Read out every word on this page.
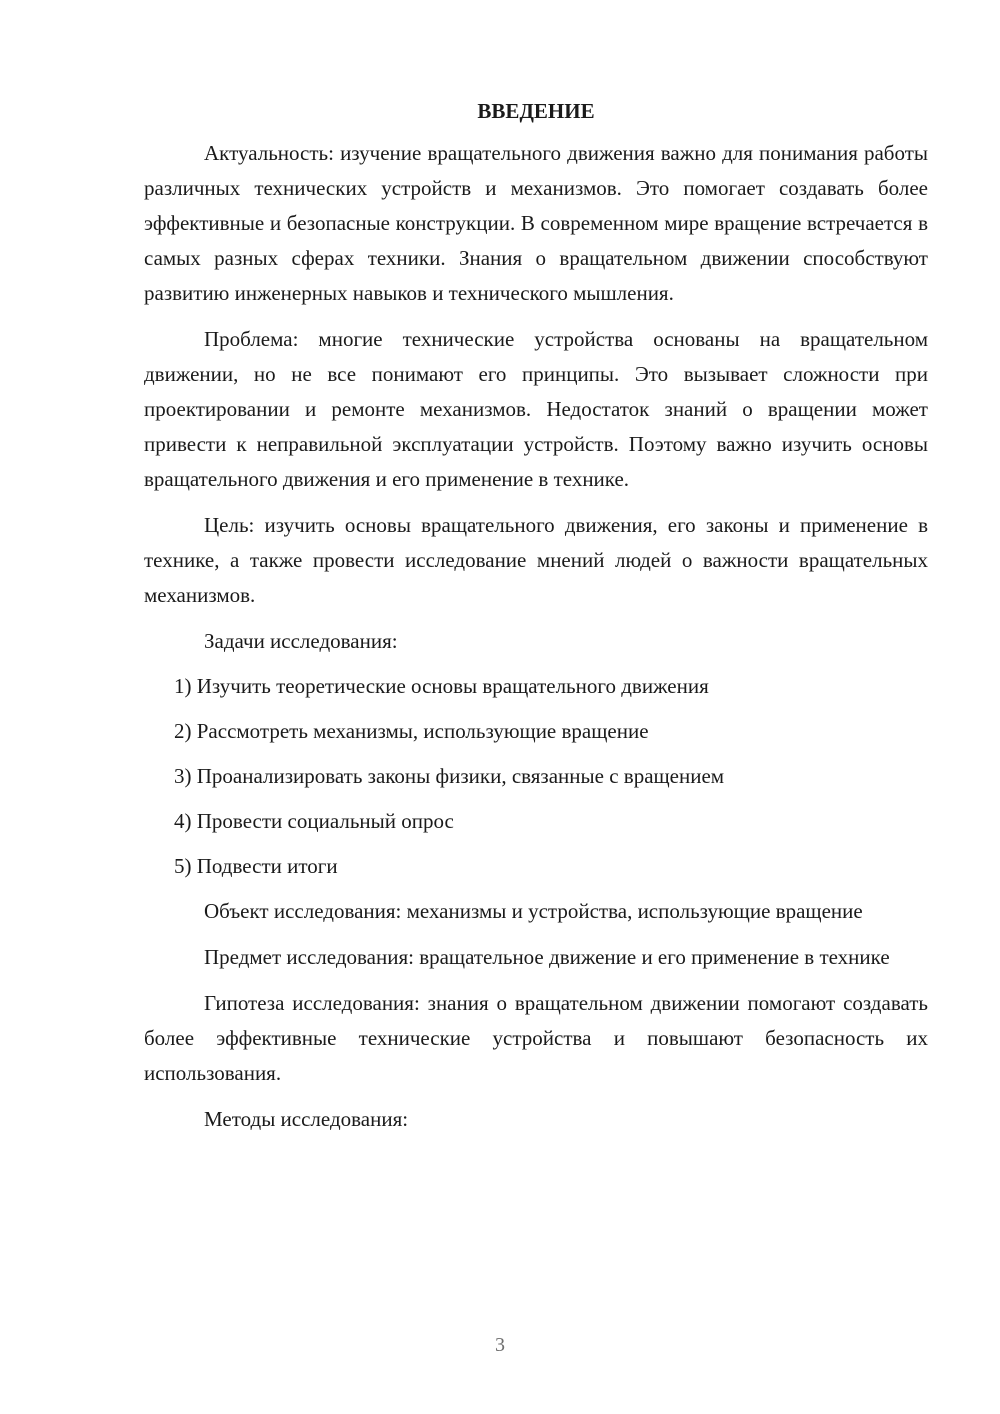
ВВЕДЕНИЕ

Актуальность: изучение вращательного движения важно для понимания работы различных технических устройств и механизмов. Это помогает создавать более эффективные и безопасные конструкции. В современном мире вращение встречается в самых разных сферах техники. Знания о вращательном движении способствуют развитию инженерных навыков и технического мышления.

Проблема: многие технические устройства основаны на вращательном движении, но не все понимают его принципы. Это вызывает сложности при проектировании и ремонте механизмов. Недостаток знаний о вращении может привести к неправильной эксплуатации устройств. Поэтому важно изучить основы вращательного движения и его применение в технике.

Цель: изучить основы вращательного движения, его законы и применение в технике, а также провести исследование мнений людей о важности вращательных механизмов.

Задачи исследования:

1) Изучить теоретические основы вращательного движения
2) Рассмотреть механизмы, использующие вращение
3) Проанализировать законы физики, связанные с вращением
4) Провести социальный опрос
5) Подвести итоги

Объект исследования: механизмы и устройства, использующие вращение

Предмет исследования: вращательное движение и его применение в технике

Гипотеза исследования: знания о вращательном движении помогают создавать более эффективные технические устройства и повышают безопасность их использования.

Методы исследования:

3
